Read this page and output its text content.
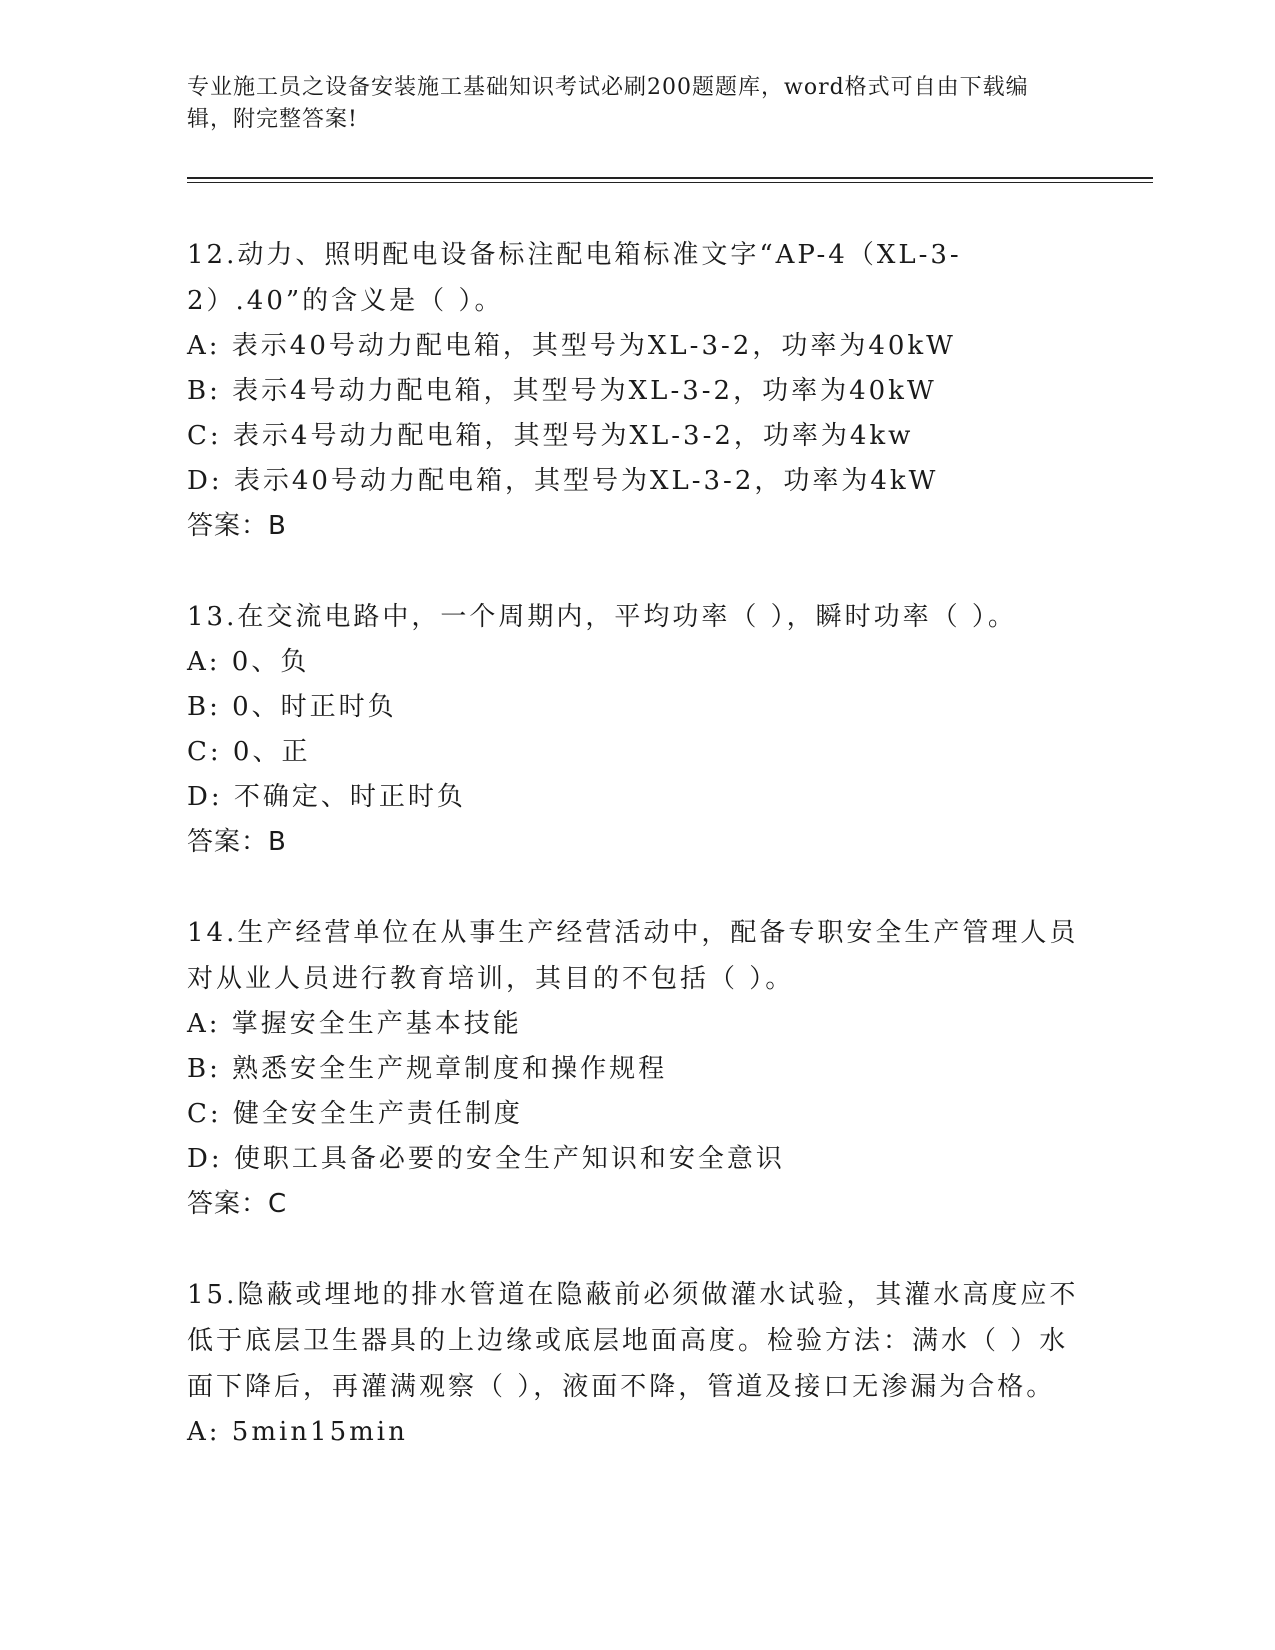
专业施工员之设备安装施工基础知识考试必刷200题题库，word格式可自由下载编辑，附完整答案!
12.动力、照明配电设备标注配电箱标准文字“AP-4（XL-3-2）.40”的含义是（ ）。
A: 表示40号动力配电箱，其型号为XL-3-2，功率为40kW
B: 表示4号动力配电箱，其型号为XL-3-2，功率为40kW
C: 表示4号动力配电箱，其型号为XL-3-2，功率为4kw
D: 表示40号动力配电箱，其型号为XL-3-2，功率为4kW
答案：B
13.在交流电路中，一个周期内，平均功率（ ），瞬时功率（ ）。
A: 0、负
B: 0、时正时负
C: 0、正
D: 不确定、时正时负
答案：B
14.生产经营单位在从事生产经营活动中，配备专职安全生产管理人员对从业人员进行教育培训，其目的不包括（ ）。
A: 掌握安全生产基本技能
B: 熟悉安全生产规章制度和操作规程
C: 健全安全生产责任制度
D: 使职工具备必要的安全生产知识和安全意识
答案：C
15.隐蔽或埋地的排水管道在隐蔽前必须做灌水试验，其灌水高度应不低于底层卫生器具的上边缘或底层地面高度。检验方法：满水（ ）水面下降后，再灌满观察（ ），液面不降，管道及接口无渗漏为合格。
A: 5min15min
